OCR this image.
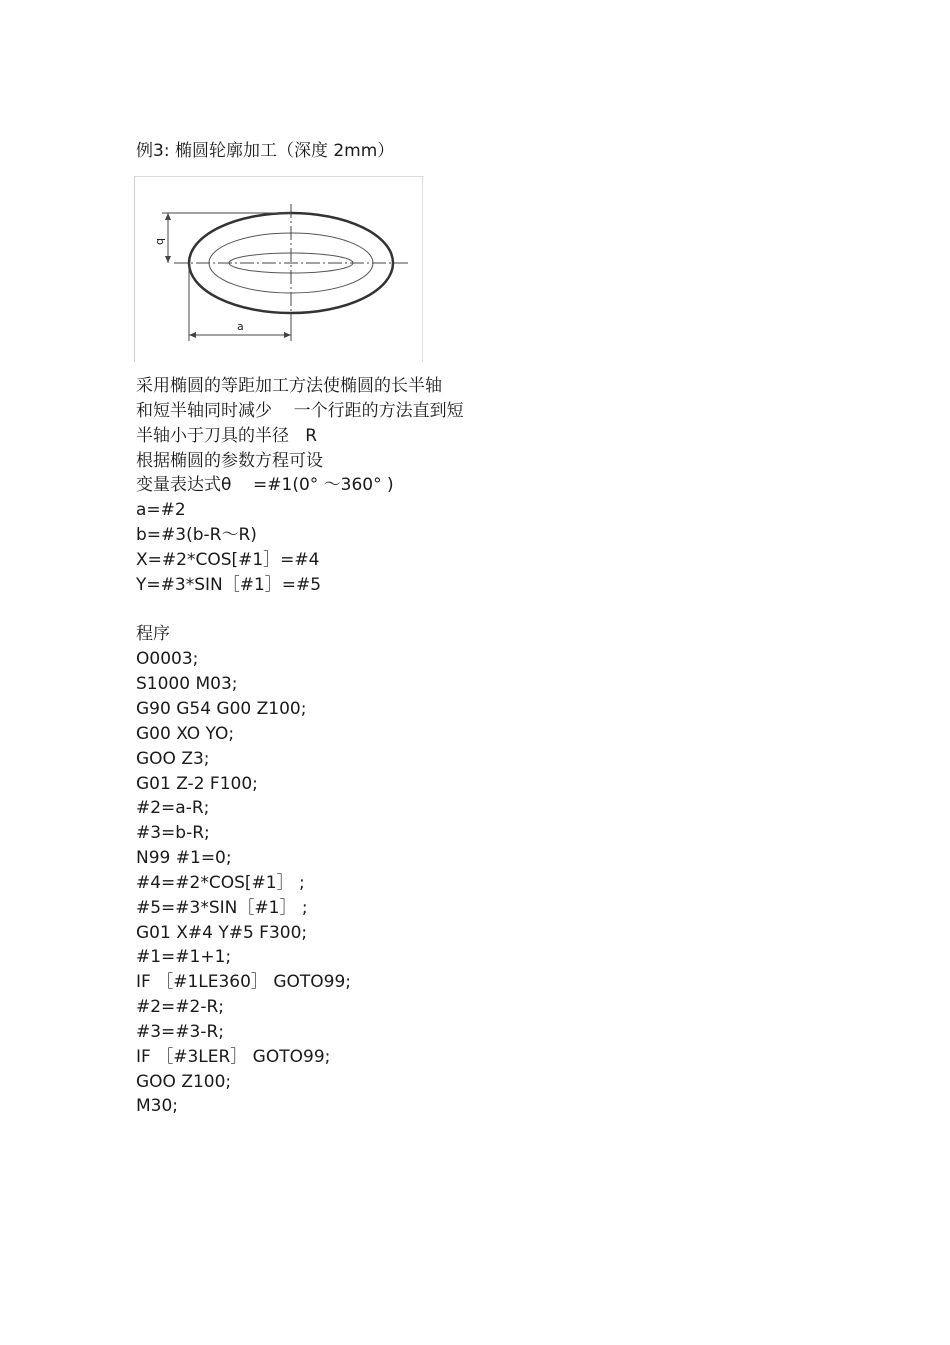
例3: 椭圆轮廓加工（深度 2mm）
b
a
采用椭圆的等距加工方法使椭圆的长半轴
和短半轴同时减少    一个行距的方法直到短
半轴小于刀具的半径   R
根据椭圆的参数方程可设
变量表达式θ    =#1(0° ～360° )
a=#2
b=#3(b-R～R)
X=#2*COS[#1］=#4
Y=#3*SIN［#1］=#5
程序
O0003;
S1000 M03;
G90 G54 G00 Z100;
G00 XO YO;
GOO Z3;
G01 Z-2 F100;
#2=a-R;
#3=b-R;
N99 #1=0;
#4=#2*COS[#1］ ;
#5=#3*SIN［#1］ ;
G01 X#4 Y#5 F300;
#1=#1+1;
IF ［#1LE360］ GOTO99;
#2=#2-R;
#3=#3-R;
IF ［#3LER］ GOTO99;
GOO Z100;
M30;
